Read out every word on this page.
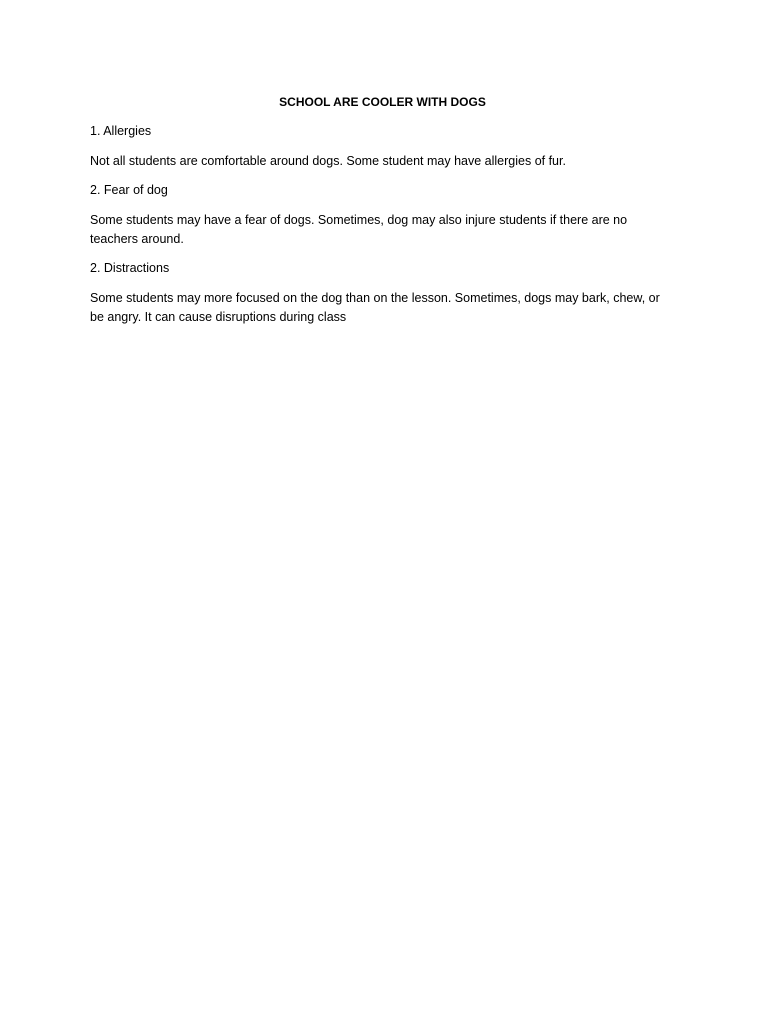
SCHOOL ARE COOLER WITH DOGS
1. Allergies
Not all students are comfortable around dogs. Some student may have allergies of fur.
2. Fear of dog
Some students may have a fear of dogs. Sometimes, dog may also injure students if there are no teachers around.
2. Distractions
Some students may more focused on the dog than on the lesson. Sometimes, dogs may bark, chew, or be angry. It can cause disruptions during class
